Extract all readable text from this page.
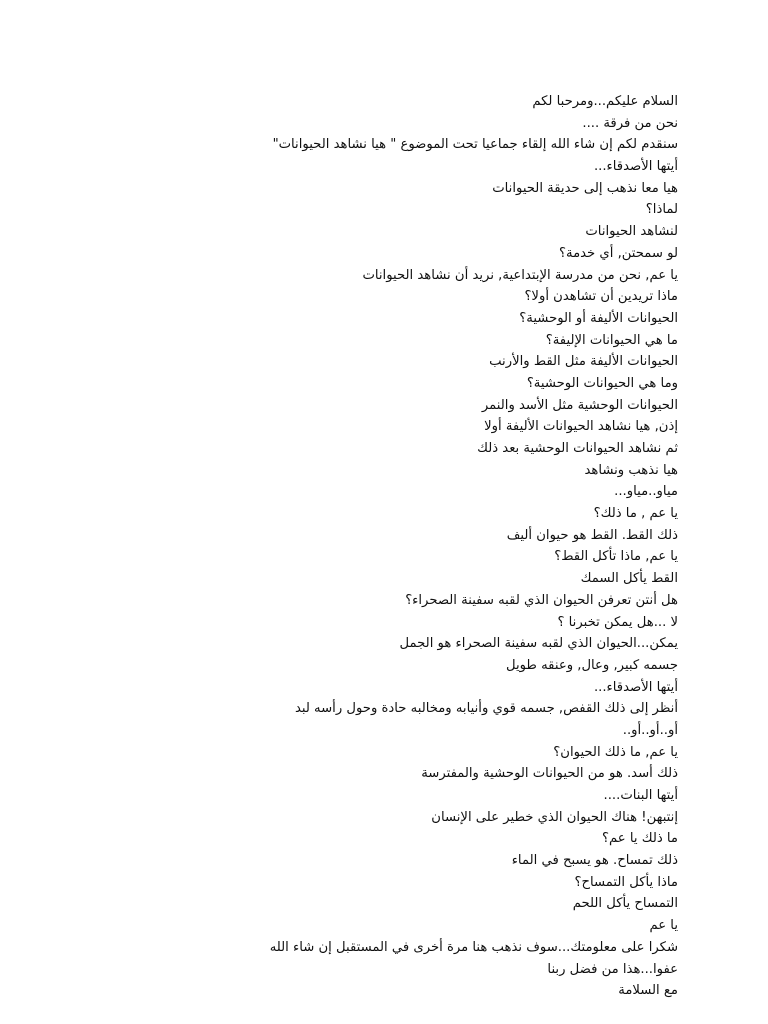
السلام عليكم...ومرحبا لكم
نحن من فرقة ....
سنقدم لكم إن شاء الله إلقاء جماعيا تحت الموضوع " هيا نشاهد الحيوانات"
أيتها الأصدقاء...
هيا معا نذهب إلى حديقة الحيوانات
لماذا؟
لنشاهد الحيوانات
لو سمحتن, أي خدمة؟
يا عم, نحن من مدرسة الإبتداعية, نريد أن نشاهد الحيوانات
ماذا تريدين أن تشاهدن أولا؟
الحيوانات الأليفة أو الوحشية؟
ما هي الحيوانات الإليفة؟
الحيوانات الأليفة مثل القط والأرنب
وما هي الحيوانات الوحشية؟
الحيوانات الوحشية مثل الأسد والنمر
إذن, هيا نشاهد الحيوانات الأليفة أولا
ثم نشاهد الحيوانات الوحشية بعد ذلك
هيا نذهب ونشاهد
مياو..مياو...
يا عم , ما ذلك؟
ذلك القط. القط هو حيوان أليف
يا عم, ماذا تأكل القط؟
القط يأكل السمك
هل أنتن تعرفن الحيوان الذي لقبه سفينة الصحراء؟
لا ...هل يمكن تخبرنا ؟
يمكن...الحيوان الذي لقبه سفينة الصحراء هو الجمل
جسمه كبير, وعال, وعنقه طويل
أيتها الأصدقاء...
أنظر إلى ذلك القفص, جسمه قوي وأنيابه ومخالبه حادة وحول رأسه لبد
أو..أو..أو..
يا عم, ما ذلك الحيوان؟
ذلك أسد. هو من الحيوانات الوحشية والمفترسة
أيتها البنات....
إنتبهن! هناك الحيوان الذي خطير على الإنسان
ما ذلك يا عم؟
ذلك تمساح. هو يسبح في الماء
ماذا يأكل التمساح؟
التمساح يأكل اللحم
يا عم
شكرا على معلومتك...سوف نذهب هنا مرة أخرى في المستقبل إن شاء الله
عفوا...هذا من فضل ربنا
مع السلامة
